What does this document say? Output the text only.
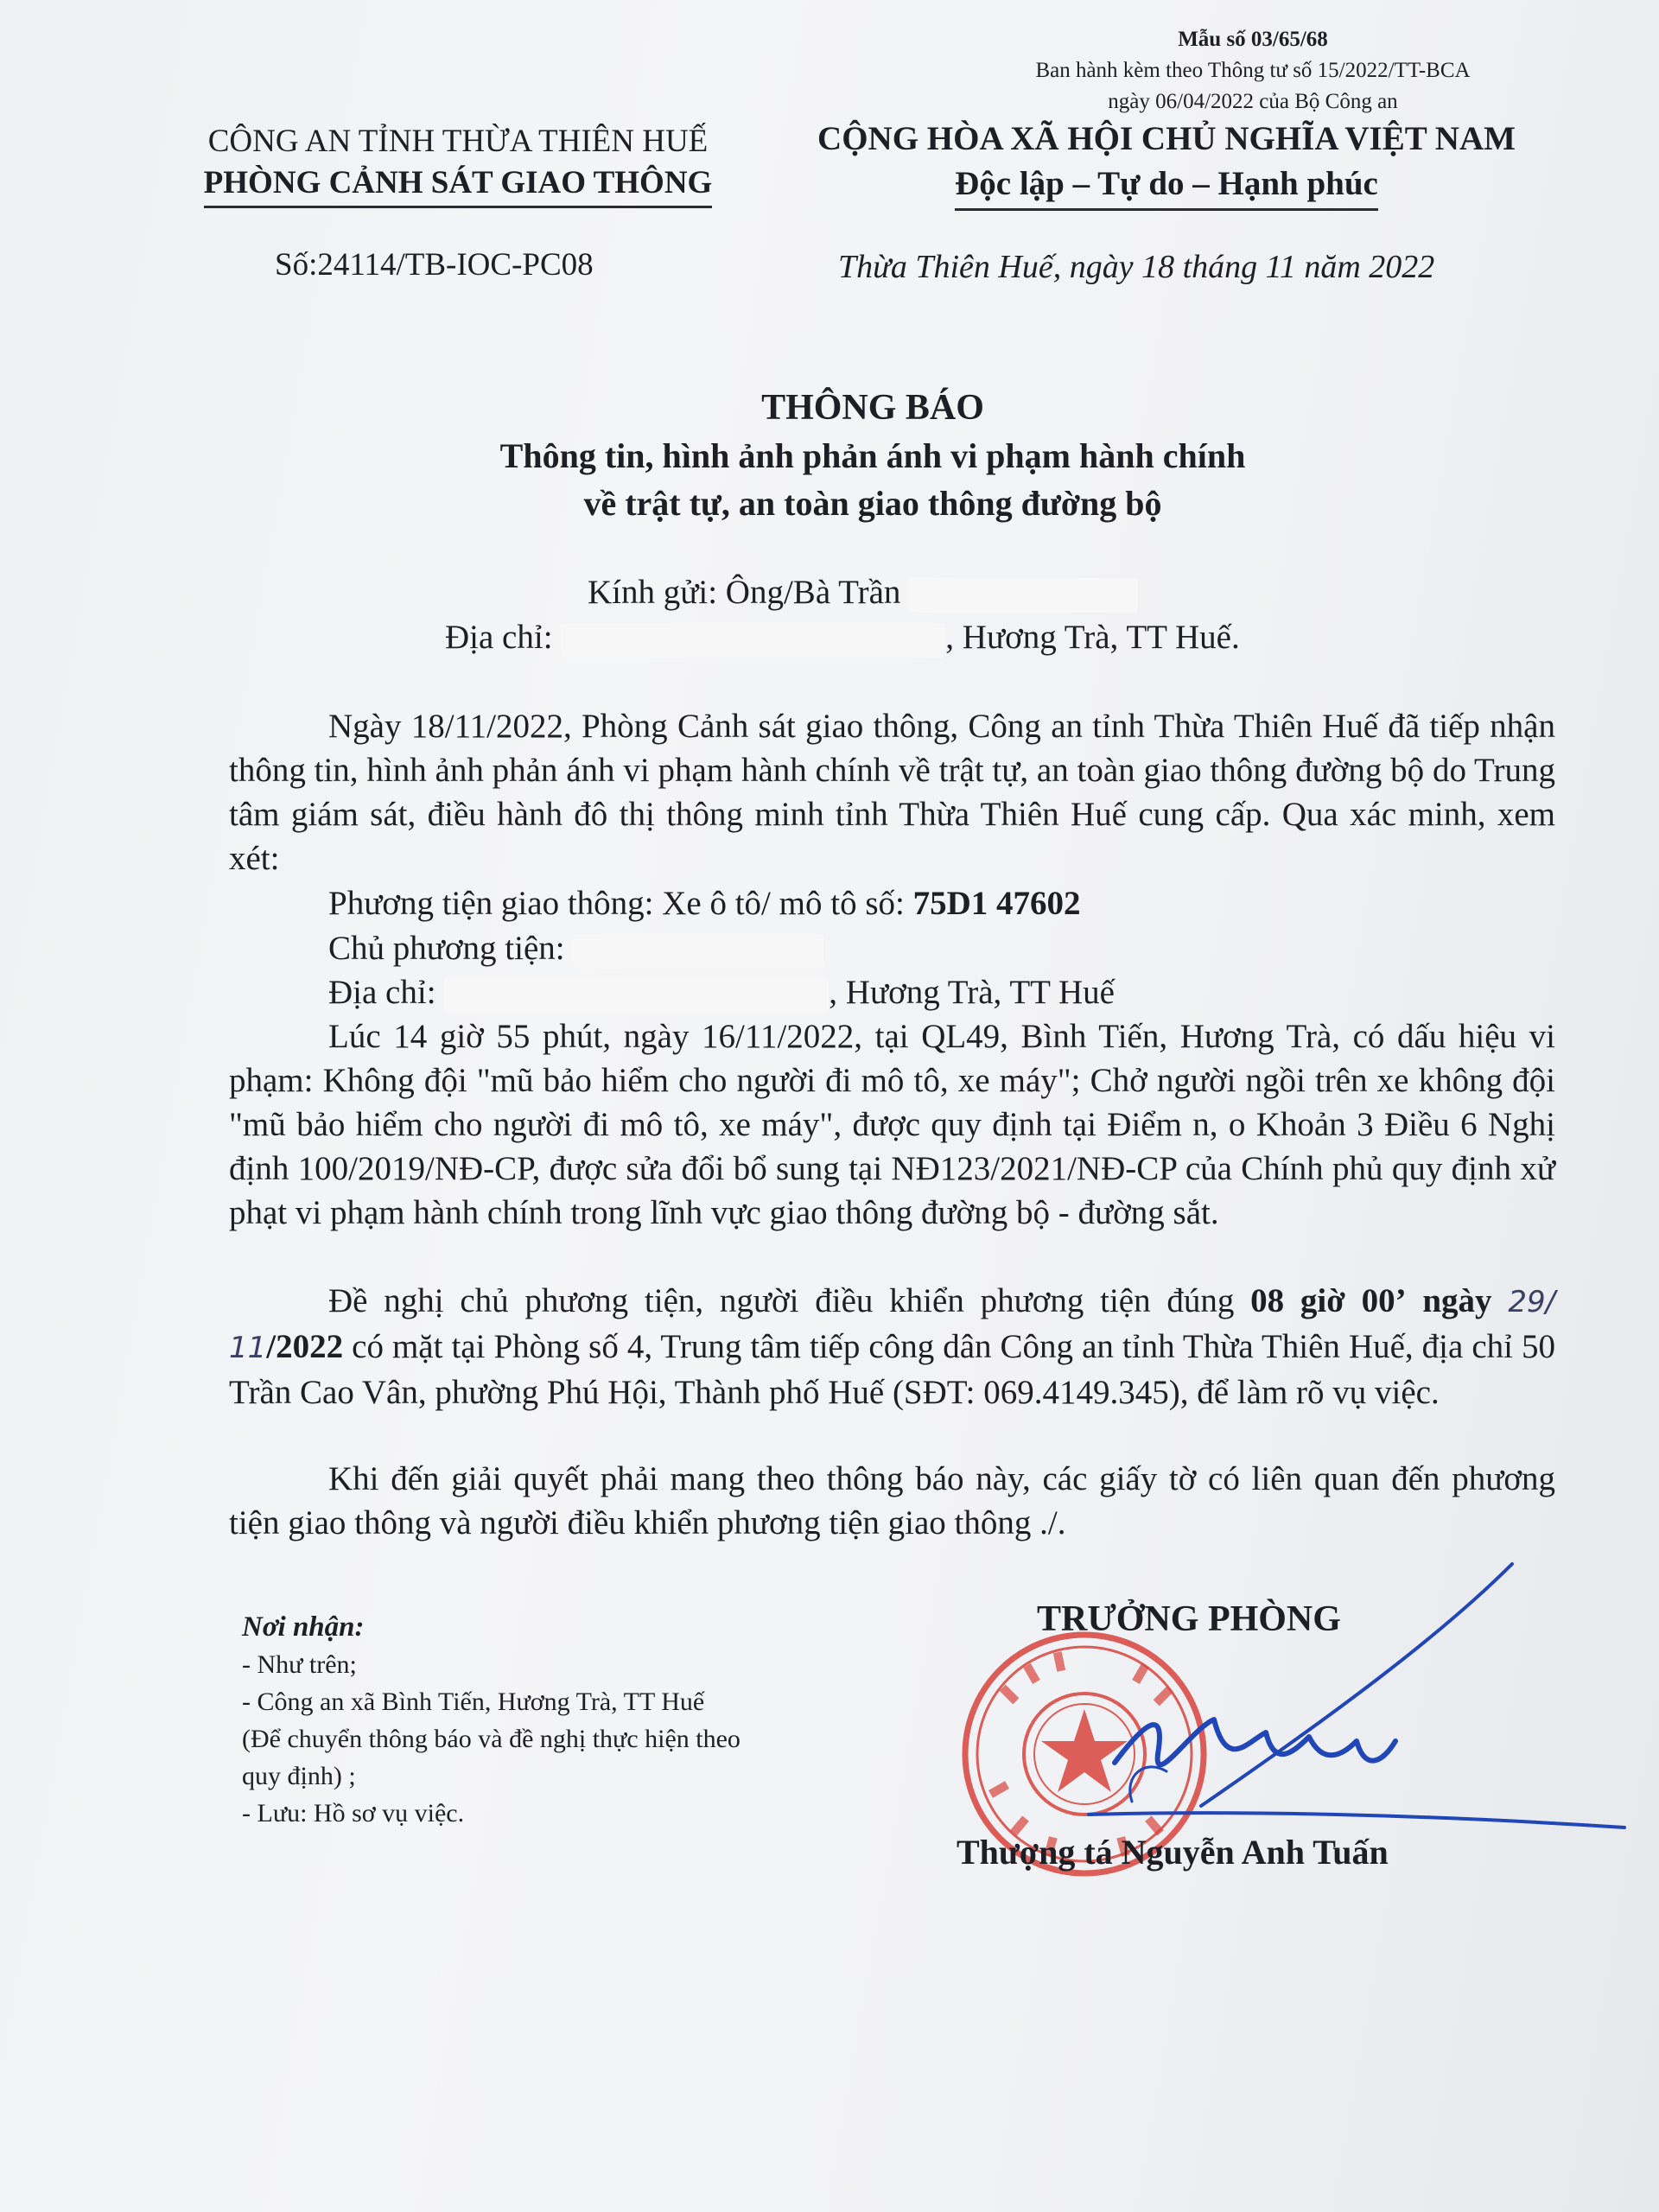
Mẫu số 03/65/68
Ban hành kèm theo Thông tư số 15/2022/TT-BCA
ngày 06/04/2022 của Bộ Công an
CÔNG AN TỈNH THỪA THIÊN HUẾ
PHÒNG CẢNH SÁT GIAO THÔNG
CỘNG HÒA XÃ HỘI CHỦ NGHĨA VIỆT NAM
Độc lập – Tự do – Hạnh phúc
Số:24114/TB-IOC-PC08	Thừa Thiên Huế, ngày 18 tháng 11 năm 2022
THÔNG BÁO
Thông tin, hình ảnh phản ánh vi phạm hành chính
về trật tự, an toàn giao thông đường bộ
Kính gửi: Ông/Bà Trần
Địa chỉ:	, Hương Trà, TT Huế.
Ngày 18/11/2022, Phòng Cảnh sát giao thông, Công an tỉnh Thừa Thiên Huế đã tiếp nhận thông tin, hình ảnh phản ánh vi phạm hành chính về trật tự, an toàn giao thông đường bộ do Trung tâm giám sát, điều hành đô thị thông minh tỉnh Thừa Thiên Huế cung cấp. Qua xác minh, xem xét:
Phương tiện giao thông: Xe ô tô/ mô tô số: 75D1 47602
Chủ phương tiện:
Địa chỉ:	, Hương Trà, TT Huế
Lúc 14 giờ 55 phút, ngày 16/11/2022, tại QL49, Bình Tiến, Hương Trà, có dấu hiệu vi phạm: Không đội "mũ bảo hiểm cho người đi mô tô, xe máy"; Chở người ngồi trên xe không đội "mũ bảo hiểm cho người đi mô tô, xe máy", được quy định tại Điểm n, o Khoản 3 Điều 6 Nghị định 100/2019/NĐ-CP, được sửa đổi bổ sung tại NĐ123/2021/NĐ-CP của Chính phủ quy định xử phạt vi phạm hành chính trong lĩnh vực giao thông đường bộ - đường sắt.
Đề nghị chủ phương tiện, người điều khiển phương tiện đúng 08 giờ 00’ ngày 29/ 11/2022 có mặt tại Phòng số 4, Trung tâm tiếp công dân Công an tỉnh Thừa Thiên Huế, địa chỉ 50 Trần Cao Vân, phường Phú Hội, Thành phố Huế (SĐT: 069.4149.345), để làm rõ vụ việc.
Khi đến giải quyết phải mang theo thông báo này, các giấy tờ có liên quan đến phương tiện giao thông và người điều khiển phương tiện giao thông ./.
Nơi nhận:
- Như trên;
- Công an xã Bình Tiến, Hương Trà, TT Huế
(Để chuyển thông báo và đề nghị thực hiện theo
quy định) ;
- Lưu: Hồ sơ vụ việc.
TRƯỞNG PHÒNG
Thượng tá Nguyễn Anh Tuấn
